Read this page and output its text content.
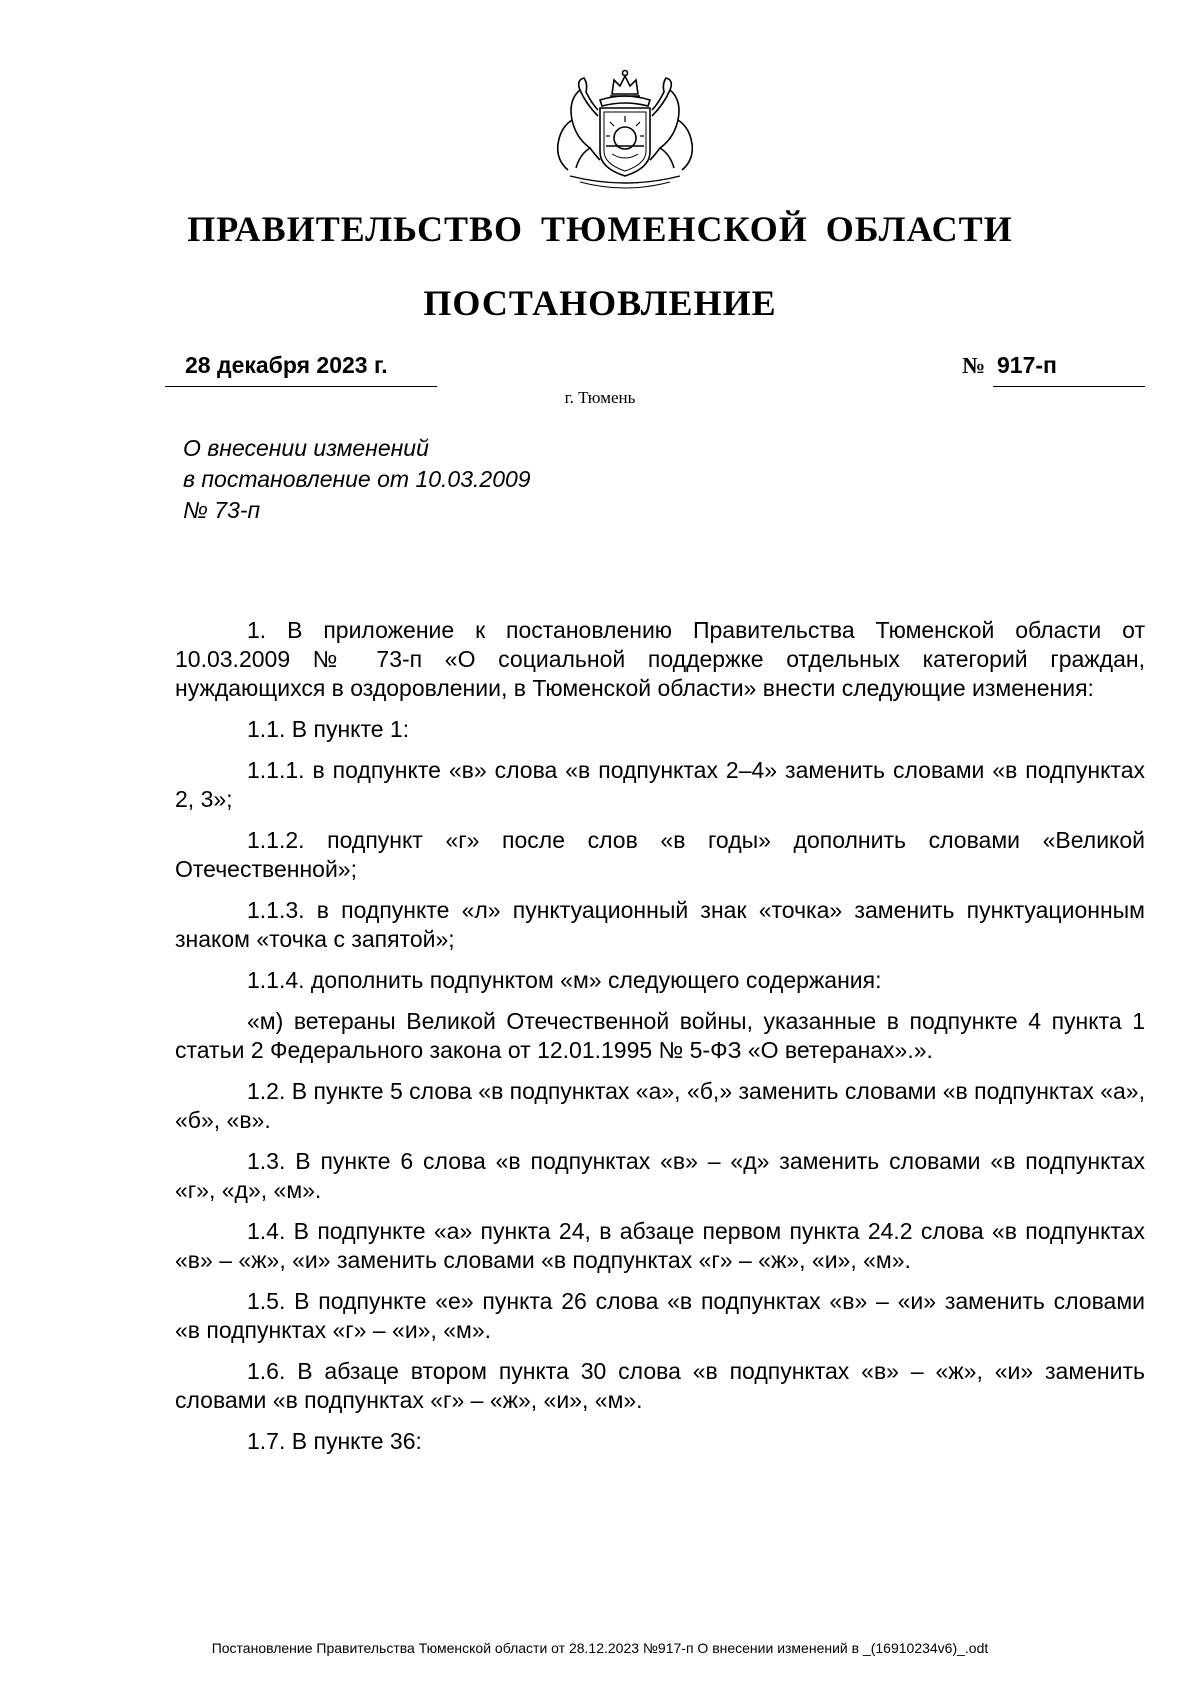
ПРАВИТЕЛЬСТВО ТЮМЕНСКОЙ ОБЛАСТИ
ПОСТАНОВЛЕНИЕ
28 декабря 2023 г.	№ 917-п
г. Тюмень
О внесении изменений
в постановление от 10.03.2009
№ 73-п

1. В приложение к постановлению Правительства Тюменской области от 10.03.2009 № 73-п «О социальной поддержке отдельных категорий граждан, нуждающихся в оздоровлении, в Тюменской области» внести следующие изменения:

1.1. В пункте 1:

1.1.1. в подпункте «в» слова «в подпунктах 2–4» заменить словами «в подпунктах 2, 3»;

1.1.2. подпункт «г» после слов «в годы» дополнить словами «Великой Отечественной»;

1.1.3. в подпункте «л» пунктуационный знак «точка» заменить пунктуационным знаком «точка с запятой»;

1.1.4. дополнить подпунктом «м» следующего содержания:

«м) ветераны Великой Отечественной войны, указанные в подпункте 4 пункта 1 статьи 2 Федерального закона от 12.01.1995 № 5-ФЗ «О ветеранах».».

1.2. В пункте 5 слова «в подпунктах «а», «б,» заменить словами «в подпунктах «а», «б», «в».

1.3. В пункте 6 слова «в подпунктах «в» – «д» заменить словами «в подпунктах «г», «д», «м».

1.4. В подпункте «а» пункта 24, в абзаце первом пункта 24.2 слова «в подпунктах «в» – «ж», «и» заменить словами «в подпунктах «г» – «ж», «и», «м».

1.5. В подпункте «е» пункта 26 слова «в подпунктах «в» – «и» заменить словами «в подпунктах «г» – «и», «м».

1.6. В абзаце втором пункта 30 слова «в подпунктах «в» – «ж», «и» заменить словами «в подпунктах «г» – «ж», «и», «м».

1.7. В пункте 36:

Постановление Правительства Тюменской области от 28.12.2023 №917-п О внесении изменений в _(16910234v6)_.odt
